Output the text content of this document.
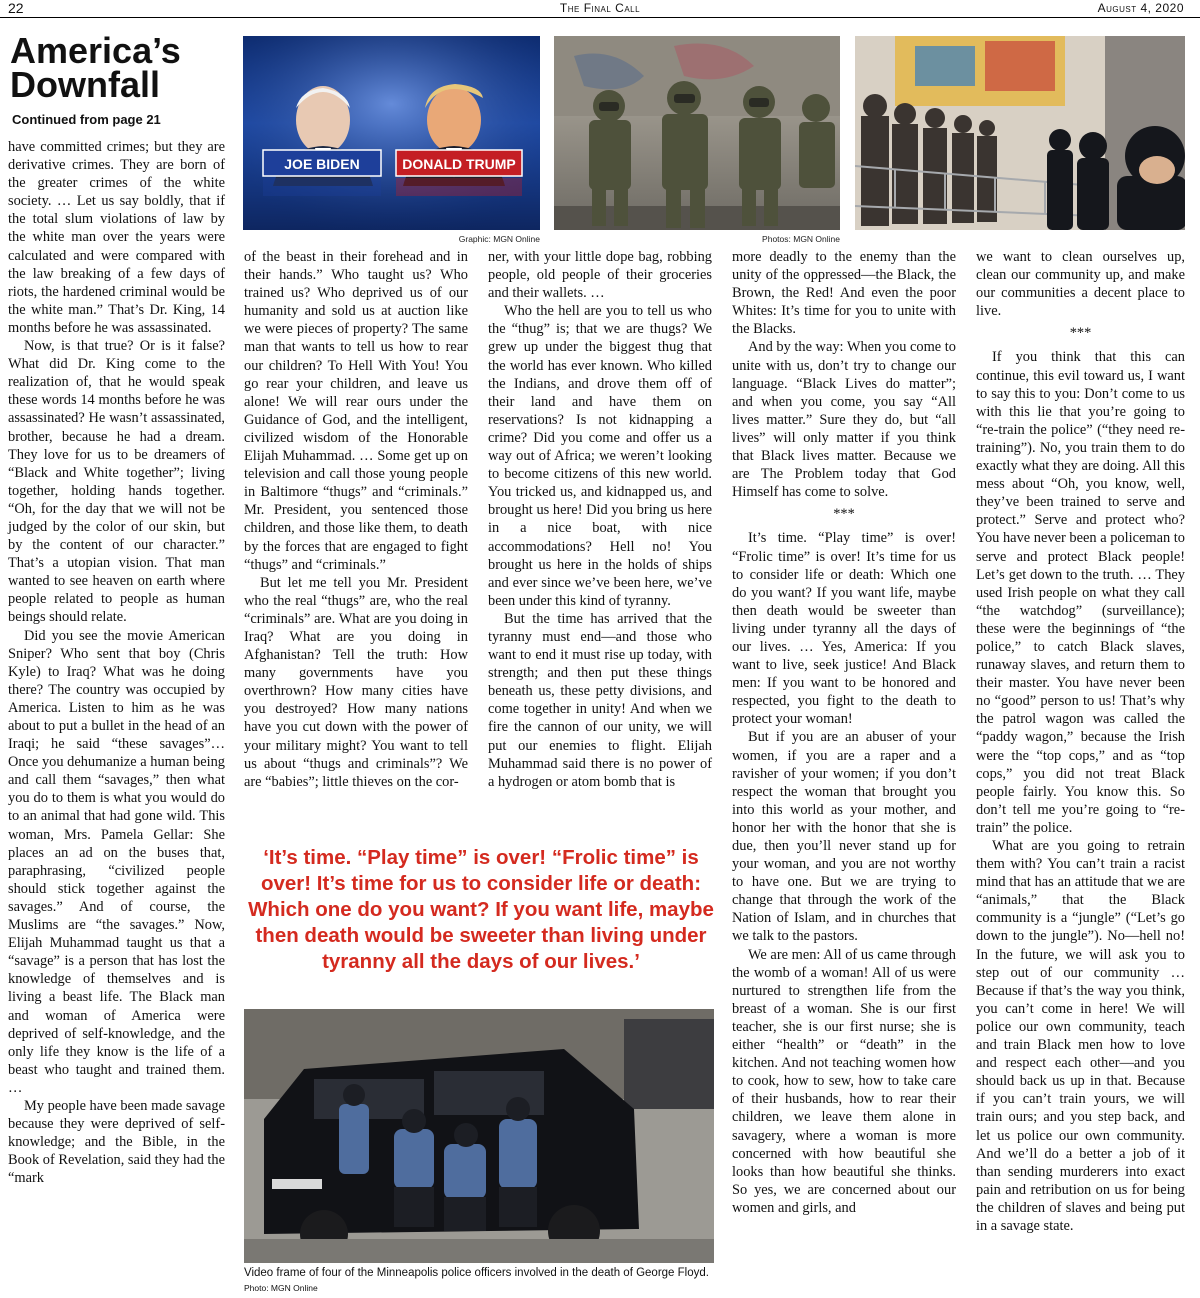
22	The Final Call	August 4, 2020
America’s Downfall
Continued from page 21

have committed crimes; but they are derivative crimes. They are born of the greater crimes of the white society. … Let us say boldly, that if the total slum violations of law by the white man over the years were calculated and were compared with the law breaking of a few days of riots, the hardened criminal would be the white man.” That’s Dr. King, 14 months before he was assassinated.

Now, is that true? Or is it false? What did Dr. King come to the realization of, that he would speak these words 14 months before he was assassinated? He wasn’t assassinated, brother, because he had a dream. They love for us to be dreamers of “Black and White together”; living together, holding hands together. “Oh, for the day that we will not be judged by the color of our skin, but by the content of our character.” That’s a utopian vision. That man wanted to see heaven on earth where people related to people as human beings should relate.

Did you see the movie American Sniper? Who sent that boy (Chris Kyle) to Iraq? What was he doing there? The country was occupied by America. Listen to him as he was about to put a bullet in the head of an Iraqi; he said “these savages”… Once you dehumanize a human being and call them “savages,” then what you do to them is what you would do to an animal that had gone wild. This woman, Mrs. Pamela Gellar: She places an ad on the buses that, paraphrasing, “civilized people should stick together against the savages.” And of course, the Muslims are “the savages.” Now, Elijah Muhammad taught us that a “savage” is a person that has lost the knowledge of themselves and is living a beast life. The Black man and woman of America were deprived of self-knowledge, and the only life they know is the life of a beast who taught and trained them. …

My people have been made savage because they were deprived of self-knowledge; and the Bible, in the Book of Revelation, said they had the “mark

JOE BIDEN	DONALD TRUMP
Graphic: MGN Online	Photos: MGN Online

of the beast in their forehead and in their hands.” Who taught us? Who trained us? Who deprived us of our humanity and sold us at auction like we were pieces of property? The same man that wants to tell us how to rear our children? To Hell With You! You go rear your children, and leave us alone! We will rear ours under the Guidance of God, and the intelligent, civilized wisdom of the Honorable Elijah Muhammad. … Some get up on television and call those young people in Baltimore “thugs” and “criminals.” Mr. President, you sentenced those children, and those like them, to death by the forces that are engaged to fight “thugs” and “criminals.”

But let me tell you Mr. President who the real “thugs” are, who the real “criminals” are. What are you doing in Iraq? What are you doing in Afghanistan? Tell the truth: How many governments have you overthrown? How many cities have you destroyed? How many nations have you cut down with the power of your military might? You want to tell us about “thugs and criminals”? We are “babies”; little thieves on the cor-

ner, with your little dope bag, robbing people, old people of their groceries and their wallets. …

Who the hell are you to tell us who the “thug” is; that we are thugs? We grew up under the biggest thug that the world has ever known. Who killed the Indians, and drove them off of their land and have them on reservations? Is not kidnapping a crime? Did you come and offer us a way out of Africa; we weren’t looking to become citizens of this new world. You tricked us, and kidnapped us, and brought us here! Did you bring us here in a nice boat, with nice accommodations? Hell no! You brought us here in the holds of ships and ever since we’ve been here, we’ve been under this kind of tyranny.

But the time has arrived that the tyranny must end—and those who want to end it must rise up today, with strength; and then put these things beneath us, these petty divisions, and come together in unity! And when we fire the cannon of our unity, we will put our enemies to flight. Elijah Muhammad said there is no power of a hydrogen or atom bomb that is

‘It’s time. “Play time” is over! “Frolic time” is over! It’s time for us to consider life or death: Which one do you want? If you want life, maybe then death would be sweeter than living under tyranny all the days of our lives.’
Video frame of four of the Minneapolis police officers involved in the death of George Floyd. Photo: MGN Online

more deadly to the enemy than the unity of the oppressed—the Black, the Brown, the Red! And even the poor Whites: It’s time for you to unite with the Blacks.

And by the way: When you come to unite with us, don’t try to change our language. “Black Lives do matter”; and when you come, you say “All lives matter.” Sure they do, but “all lives” will only matter if you think that Black lives matter. Because we are The Problem today that God Himself has come to solve.

***

It’s time. “Play time” is over! “Frolic time” is over! It’s time for us to consider life or death: Which one do you want? If you want life, maybe then death would be sweeter than living under tyranny all the days of our lives. … Yes, America: If you want to live, seek justice! And Black men: If you want to be honored and respected, you fight to the death to protect your woman!

But if you are an abuser of your women, if you are a raper and a ravisher of your women; if you don’t respect the woman that brought you into this world as your mother, and honor her with the honor that she is due, then you’ll never stand up for your woman, and you are not worthy to have one. But we are trying to change that through the work of the Nation of Islam, and in churches that we talk to the pastors.

We are men: All of us came through the womb of a woman! All of us were nurtured to strengthen life from the breast of a woman. She is our first teacher, she is our first nurse; she is either “health” or “death” in the kitchen. And not teaching women how to cook, how to sew, how to take care of their husbands, how to rear their children, we leave them alone in savagery, where a woman is more concerned with how beautiful she looks than how beautiful she thinks. So yes, we are concerned about our women and girls, and

we want to clean ourselves up, clean our community up, and make our communities a decent place to live.

***

If you think that this can continue, this evil toward us, I want to say this to you: Don’t come to us with this lie that you’re going to “re-train the police” (“they need re-training”). No, you train them to do exactly what they are doing. All this mess about “Oh, you know, well, they’ve been trained to serve and protect.” Serve and protect who? You have never been a policeman to serve and protect Black people! Let’s get down to the truth. … They used Irish people on what they call “the watchdog” (surveillance); these were the beginnings of “the police,” to catch Black slaves, runaway slaves, and return them to their master. You have never been no “good” person to us! That’s why the patrol wagon was called the “paddy wagon,” because the Irish were the “top cops,” and as “top cops,” you did not treat Black people fairly. You know this. So don’t tell me you’re going to “re-train” the police.

What are you going to retrain them with? You can’t train a racist mind that has an attitude that we are “animals,” that the Black community is a “jungle” (“Let’s go down to the jungle”). No—hell no! In the future, we will ask you to step out of our community … Because if that’s the way you think, you can’t come in here! We will police our own community, teach and train Black men how to love and respect each other—and you should back us up in that. Because if you can’t train yours, we will train ours; and you step back, and let us police our own community. And we’ll do a better a job of it than sending murderers into exact pain and retribution on us for being the children of slaves and being put in a savage state.
